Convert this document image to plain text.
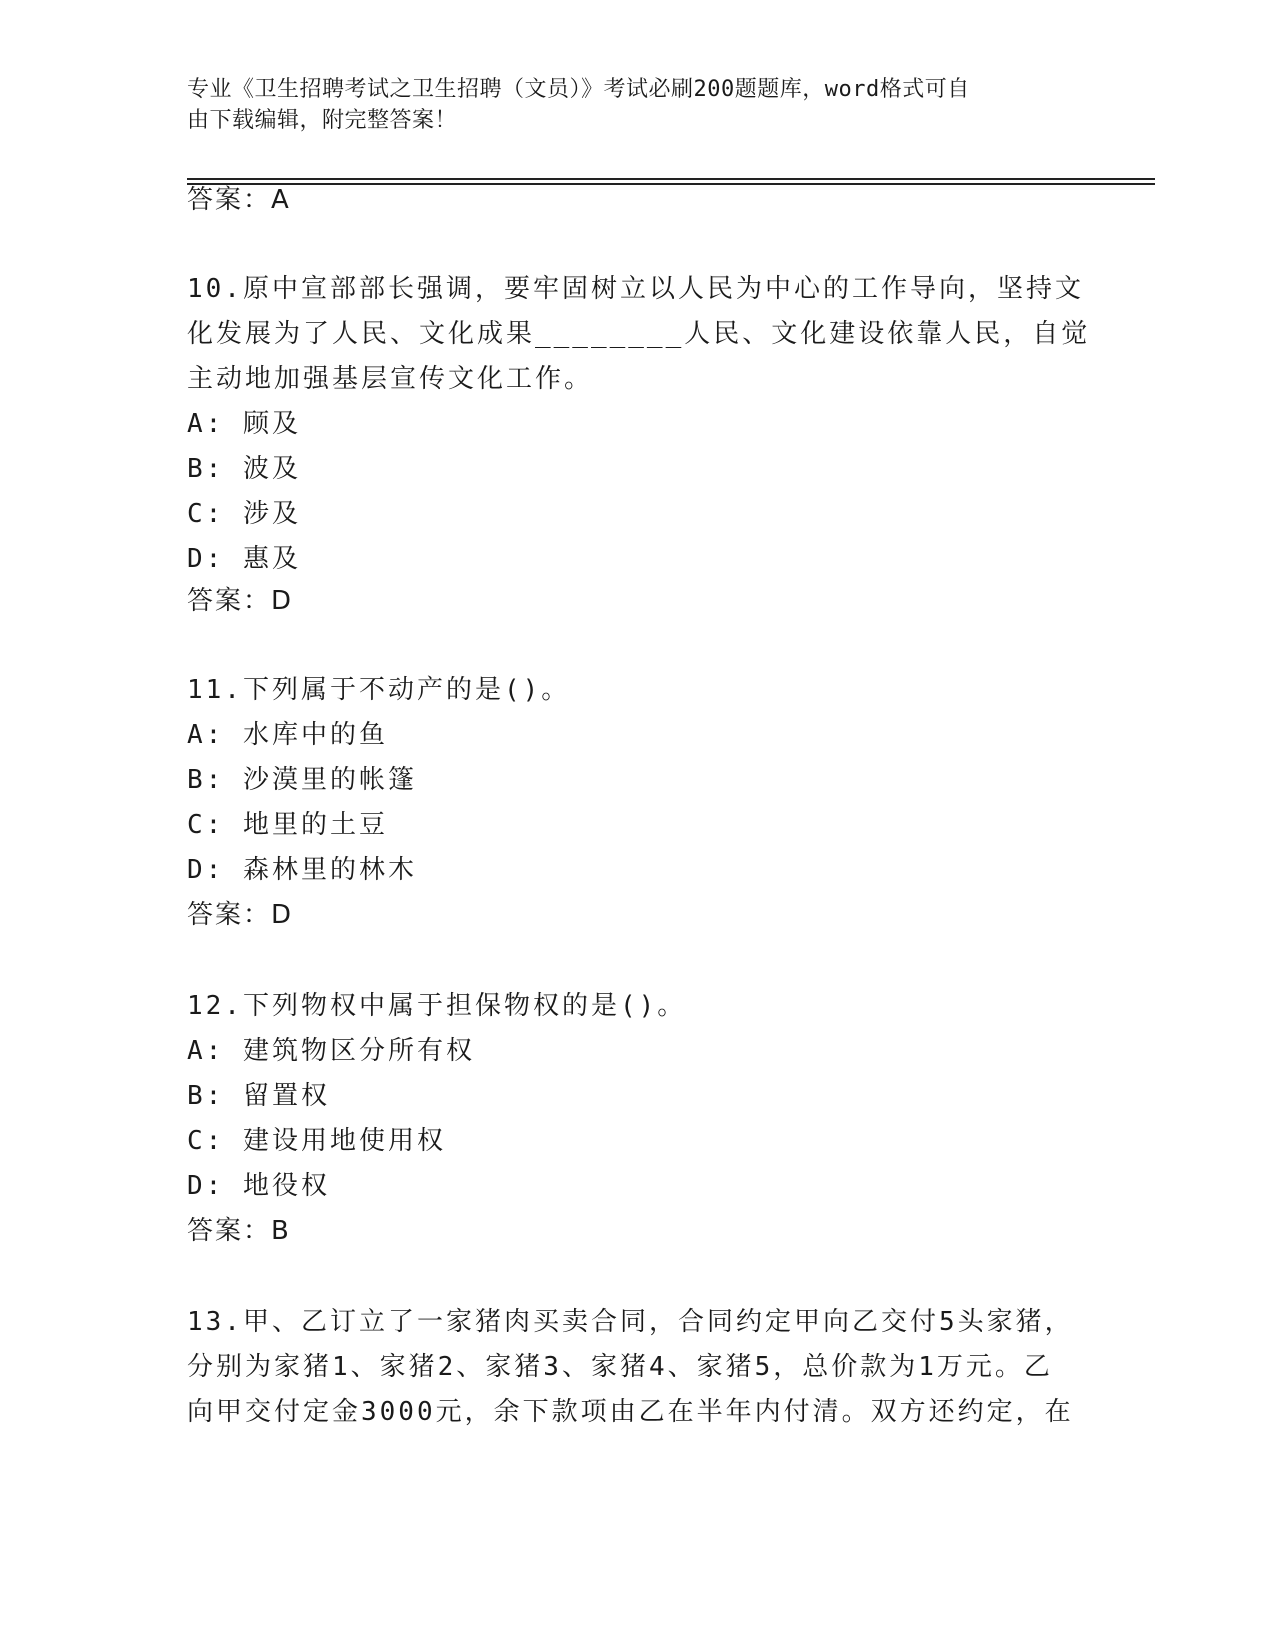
专业《卫生招聘考试之卫生招聘（文员）》考试必刷200题题库，word格式可自
由下载编辑，附完整答案！
答案：A
10.原中宣部部长强调，要牢固树立以人民为中心的工作导向，坚持文
化发展为了人民、文化成果________人民、文化建设依靠人民，自觉
主动地加强基层宣传文化工作。
A: 顾及
B: 波及
C: 涉及
D: 惠及
答案：D
11.下列属于不动产的是()。
A: 水库中的鱼
B: 沙漠里的帐篷
C: 地里的土豆
D: 森林里的林木
答案：D
12.下列物权中属于担保物权的是()。
A: 建筑物区分所有权
B: 留置权
C: 建设用地使用权
D: 地役权
答案：B
13.甲、乙订立了一家猪肉买卖合同，合同约定甲向乙交付5头家猪，
分别为家猪1、家猪2、家猪3、家猪4、家猪5，总价款为1万元。乙
向甲交付定金3000元，余下款项由乙在半年内付清。双方还约定，在
